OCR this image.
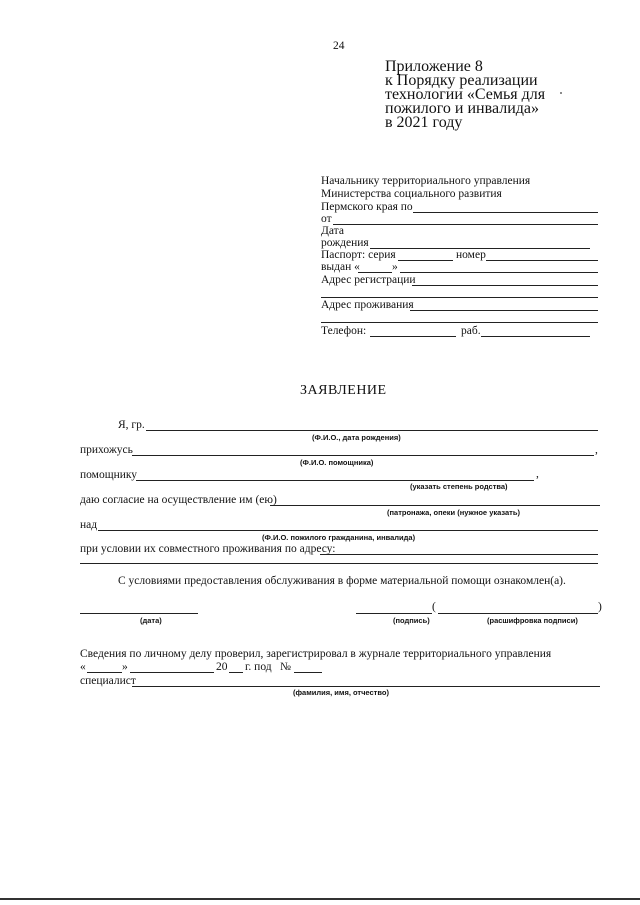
24
Приложение 8
к Порядку реализации
технологии «Семья для
пожилого и инвалида»
в 2021 году
Начальнику территориального управления
Министерства социального развития
Пермского края по
от
Дата
рождения
Паспорт: серия	номер
выдан «	»
Адрес регистрации
Адрес проживания
Телефон:	раб.
ЗАЯВЛЕНИЕ
Я, гр.
(Ф.И.О., дата рождения)
прихожусь	,
(Ф.И.О. помощника)
помощнику	,
(указать степень родства)
даю согласие на осуществление им (ею)
(патронажа, опеки (нужное указать)
над
(Ф.И.О. пожилого гражданина, инвалида)
при условии их совместного проживания по адресу:
С условиями предоставления обслуживания в форме материальной помощи ознакомлен(а).
(дата)
(	)
(подпись)	(расшифровка подписи)
Сведения по личному делу проверил, зарегистрировал в журнале территориального управления
«	»	20 г. под №
специалист
(фамилия, имя, отчество)
